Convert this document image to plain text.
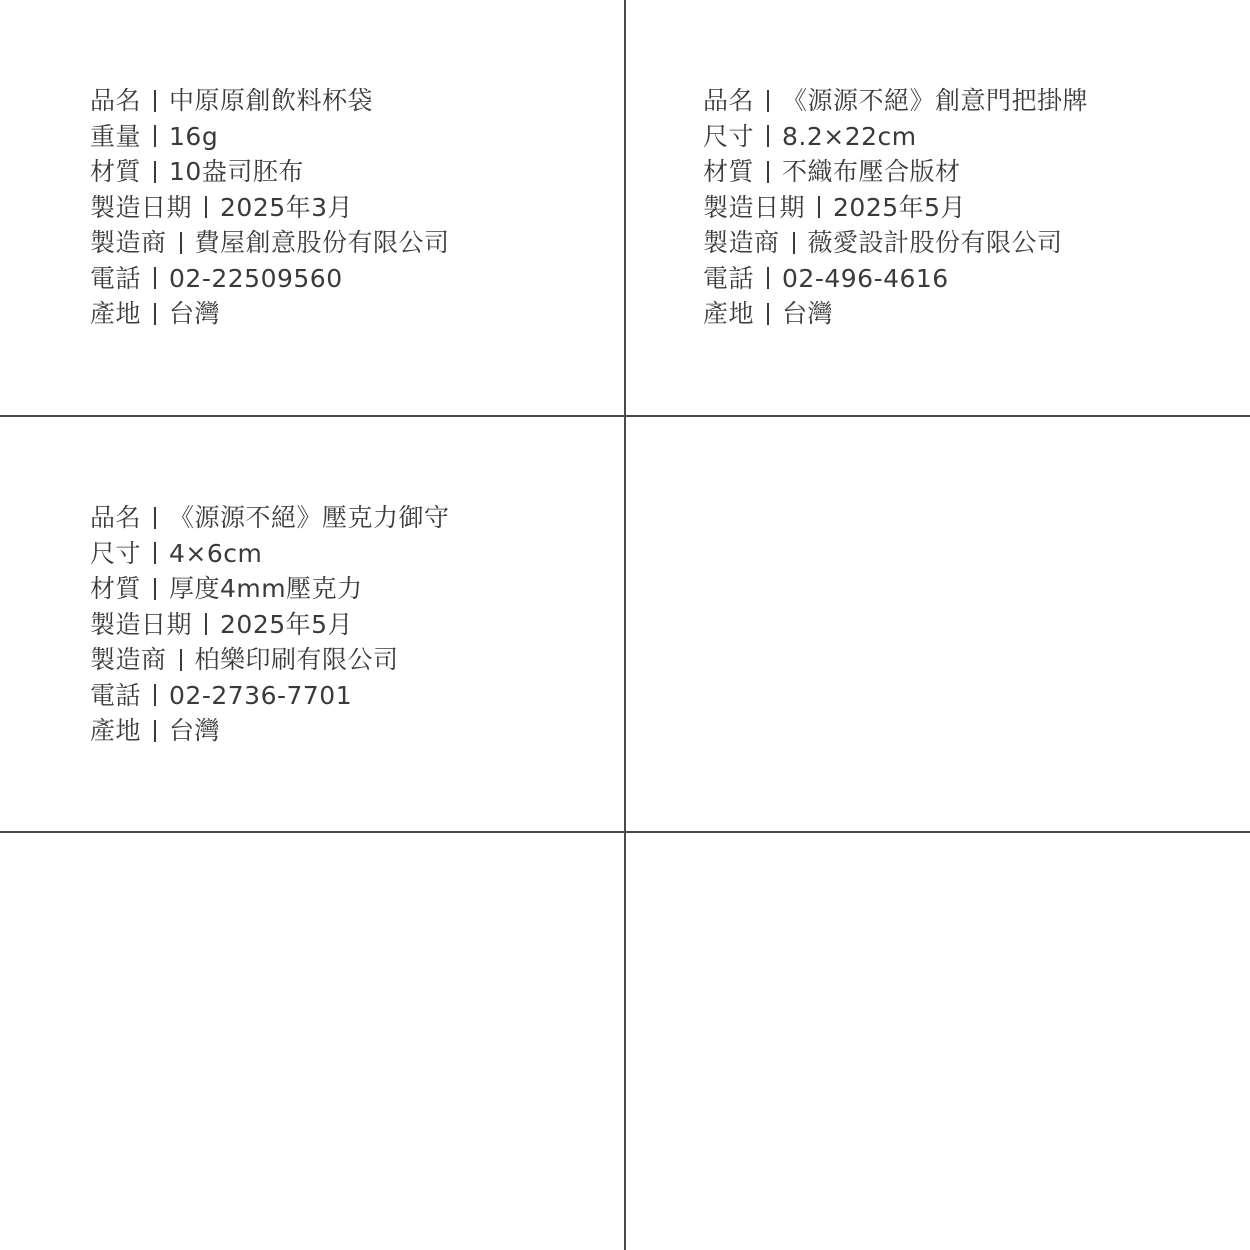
品名 中原原創飲料杯袋
重量 16g
材質 10盎司胚布
製造日期 2025年3月
製造商 費屋創意股份有限公司
電話 02-22509560
產地 台灣
品名 《源源不絕》創意門把掛牌
尺寸 8.2×22cm
材質 不織布壓合版材
製造日期 2025年5月
製造商 薇愛設計股份有限公司
電話 02-496-4616
產地 台灣
品名 《源源不絕》壓克力御守
尺寸 4×6cm
材質 厚度4mm壓克力
製造日期 2025年5月
製造商 柏樂印刷有限公司
電話 02-2736-7701
產地 台灣
